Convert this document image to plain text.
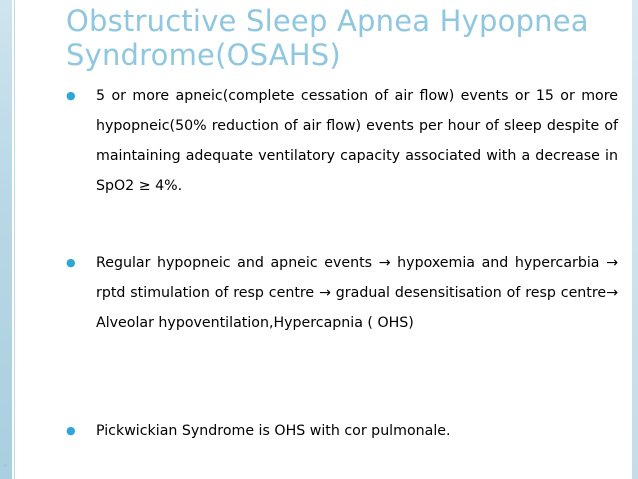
Obstructive Sleep Apnea Hypopnea
Syndrome(OSAHS)
● 5 or more apneic(complete cessation of air flow) events or 15 or more hypopneic(50% reduction of air flow) events per hour of sleep despite of maintaining adequate ventilatory capacity associated with a decrease in SpO2 ≥ 4%.
● Regular hypopneic and apneic events → hypoxemia and hypercarbia → rptd stimulation of resp centre → gradual desensitisation of resp centre→ Alveolar hypoventilation,Hypercapnia ( OHS)
● Pickwickian Syndrome is OHS with cor pulmonale.
